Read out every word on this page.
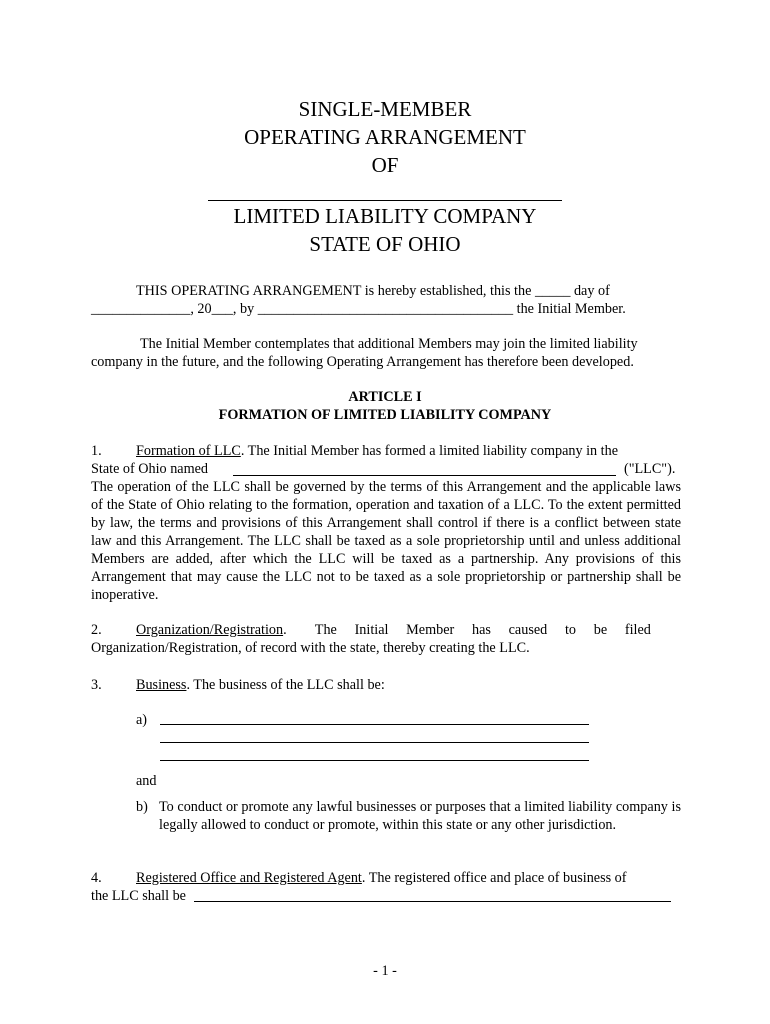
SINGLE-MEMBER
OPERATING ARRANGEMENT
OF
LIMITED LIABILITY COMPANY
STATE OF OHIO
THIS OPERATING ARRANGEMENT is hereby established, this the _____ day of
______________, 20___, by ____________________________________ the Initial Member.
The Initial Member contemplates that additional Members may join the limited liability
company in the future, and the following Operating Arrangement has therefore been developed.
ARTICLE I
FORMATION OF LIMITED LIABILITY COMPANY
1. Formation of LLC. The Initial Member has formed a limited liability company in the
State of Ohio named	("LLC").
The operation of the LLC shall be governed by the terms of this Arrangement and the applicable laws of the State of Ohio relating to the formation, operation and taxation of a LLC. To the extent permitted by law, the terms and provisions of this Arrangement shall control if there is a conflict between state law and this Arrangement. The LLC shall be taxed as a sole proprietorship until and unless additional Members are added, after which the LLC will be taxed as a partnership. Any provisions of this Arrangement that may cause the LLC not to be taxed as a sole proprietorship or partnership shall be inoperative.
2. Organization/Registration.        The     Initial     Member     has     caused     to     be     filed
Organization/Registration, of record with the state, thereby creating the LLC.
3. Business. The business of the LLC shall be:
a)
and
b) To conduct or promote any lawful businesses or purposes that a limited liability company is legally allowed to conduct or promote, within this state or any other jurisdiction.
4. Registered Office and Registered Agent. The registered office and place of business of
the LLC shall be
- 1 -
